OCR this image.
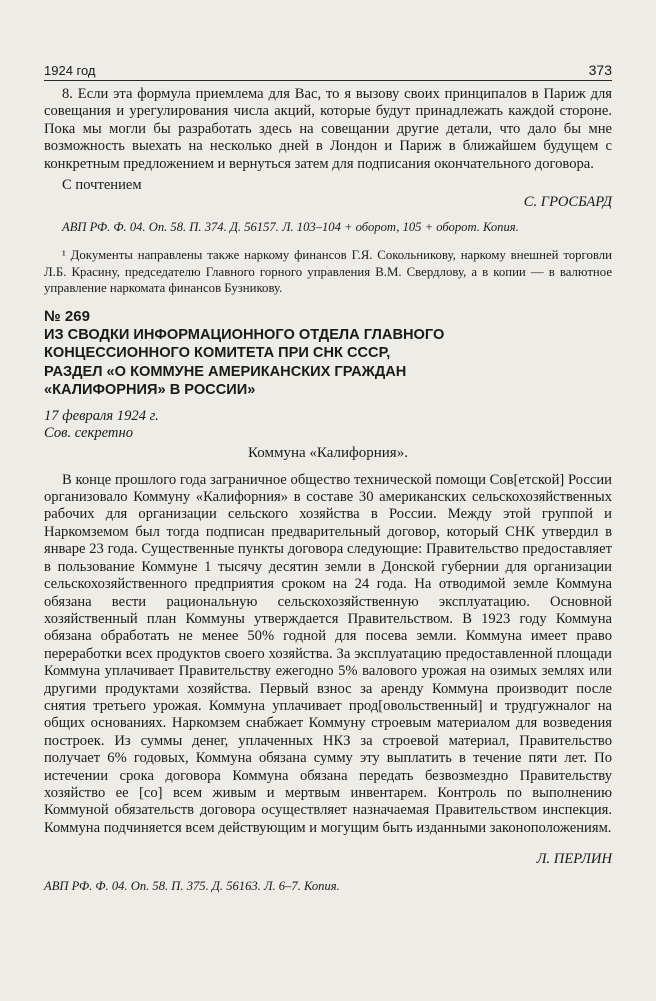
1924 год	373

8. Если эта формула приемлема для Вас, то я вызову своих принципалов в Париж для совещания и урегулирования числа акций, которые будут принадлежать каждой стороне. Пока мы могли бы разработать здесь на совещании другие детали, что дало бы мне возможность выехать на несколько дней в Лондон и Париж в ближайшем будущем с конкретным предложением и вернуться затем для подписания окончательного договора.

С почтением

С. ГРОСБАРД

АВП РФ. Ф. 04. Оп. 58. П. 374. Д. 56157. Л. 103–104 + оборот, 105 + оборот. Копия.

¹ Документы направлены также наркому финансов Г.Я. Сокольникову, наркому внешней торговли Л.Б. Красину, председателю Главного горного управления В.М. Свердлову, а в копии — в валютное управление наркомата финансов Бузникову.

№ 269

ИЗ СВОДКИ ИНФОРМАЦИОННОГО ОТДЕЛА ГЛАВНОГО
КОНЦЕССИОННОГО КОМИТЕТА ПРИ СНК СССР,
РАЗДЕЛ «О КОММУНЕ АМЕРИКАНСКИХ ГРАЖДАН
«КАЛИФОРНИЯ» В РОССИИ»

17 февраля 1924 г.

Сов. секретно

Коммуна «Калифорния».

В конце прошлого года заграничное общество технической помощи Сов[етской] России организовало Коммуну «Калифорния» в составе 30 американских сельскохозяйственных рабочих для организации сельского хозяйства в России. Между этой группой и Наркомземом был тогда подписан предварительный договор, который СНК утвердил в январе 23 года. Существенные пункты договора следующие: Правительство предоставляет в пользование Коммуне 1 тысячу десятин земли в Донской губернии для организации сельскохозяйственного предприятия сроком на 24 года. На отводимой земле Коммуна обязана вести рациональную сельскохозяйственную эксплуатацию. Основной хозяйственный план Коммуны утверждается Правительством. В 1923 году Коммуна обязана обработать не менее 50% годной для посева земли. Коммуна имеет право переработки всех продуктов своего хозяйства. За эксплуатацию предоставленной площади Коммуна уплачивает Правительству ежегодно 5% валового урожая на озимых землях или другими продуктами хозяйства. Первый взнос за аренду Коммуна производит после снятия третьего урожая. Коммуна уплачивает прод[овольственный] и трудгужналог на общих основаниях. Наркомзем снабжает Коммуну строевым материалом для возведения построек. Из суммы денег, уплаченных НКЗ за строевой материал, Правительство получает 6% годовых, Коммуна обязана сумму эту выплатить в течение пяти лет. По истечении срока договора Коммуна обязана передать безвозмездно Правительству хозяйство ее [со] всем живым и мертвым инвентарем. Контроль по выполнению Коммуной обязательств договора осуществляет назначаемая Правительством инспекция. Коммуна подчиняется всем действующим и могущим быть изданными законоположениям.

Л. ПЕРЛИН

АВП РФ. Ф. 04. Оп. 58. П. 375. Д. 56163. Л. 6–7. Копия.
